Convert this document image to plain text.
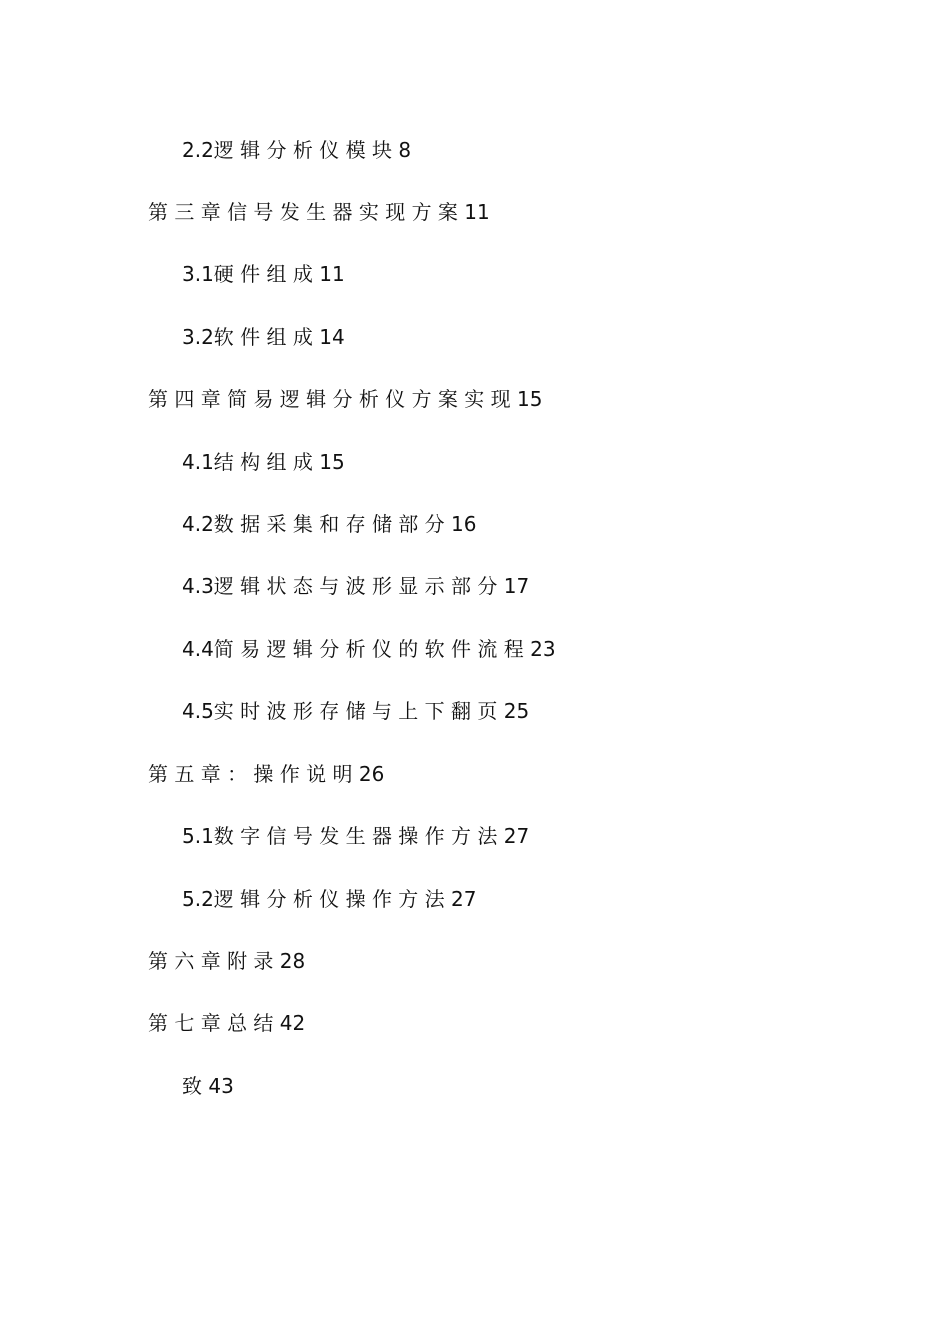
2.2逻 辑 分 析 仪 模 块 8
第 三 章 信 号 发 生 器 实 现 方 案 11
3.1硬 件 组 成 11
3.2软 件 组 成 14
第 四 章 简 易 逻 辑 分 析 仪 方 案 实 现 15
4.1结 构 组 成 15
4.2数 据 采 集 和 存 储 部 分 16
4.3逻 辑 状 态 与 波 形 显 示 部 分 17
4.4简 易 逻 辑 分 析 仪 的 软 件 流 程 23
4.5实 时 波 形 存 储 与 上 下 翻 页 25
第 五 章 ： 操 作 说 明 26
5.1数 字 信 号 发 生 器 操 作 方 法 27
5.2逻 辑 分 析 仪 操 作 方 法 27
第 六 章 附 录 28
第 七 章 总 结 42
致 43
